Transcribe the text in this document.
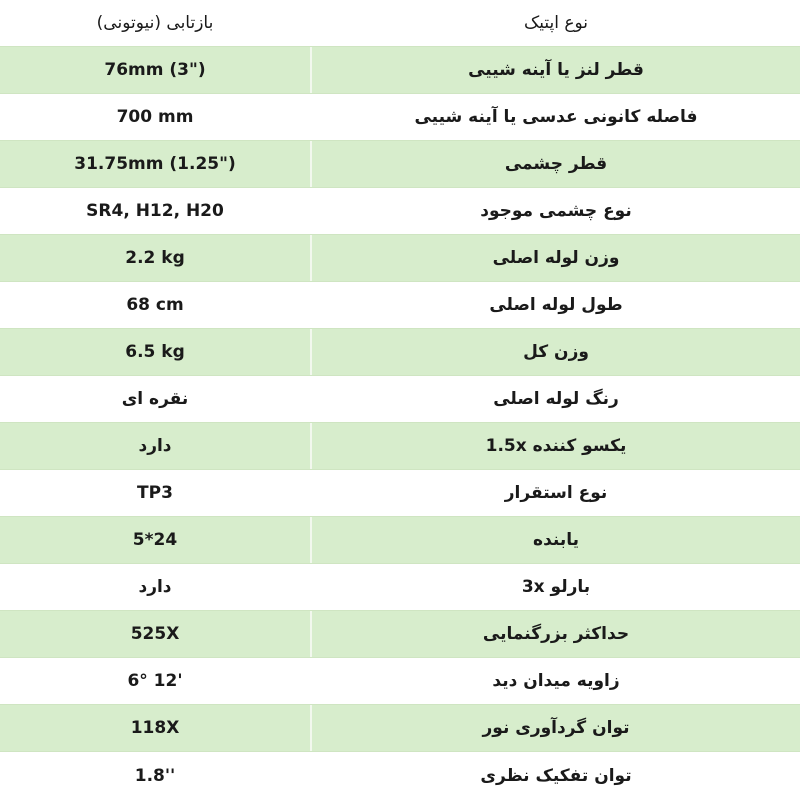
بازتابی (نیوتونی)	نوع اپتیک
76mm (3")	قطر لنز یا آینه شییی
700 mm	فاصله کانونی عدسی یا آینه شییی
31.75mm (1.25")	قطر چشمی
SR4, H12, H20	نوع چشمی موجود
2.2 kg	وزن لوله اصلی
68 cm	طول لوله اصلی
6.5 kg	وزن کل
نقره ای	رنگ لوله اصلی
دارد	یکسو کننده 1.5x
TP3	نوع استقرار
5*24	یابنده
دارد	بارلو 3x
525X	حداکثر بزرگنمایی
6° 12'	زاویه میدان دید
118X	توان گردآوری نور
1.8''	توان تفکیک نظری
